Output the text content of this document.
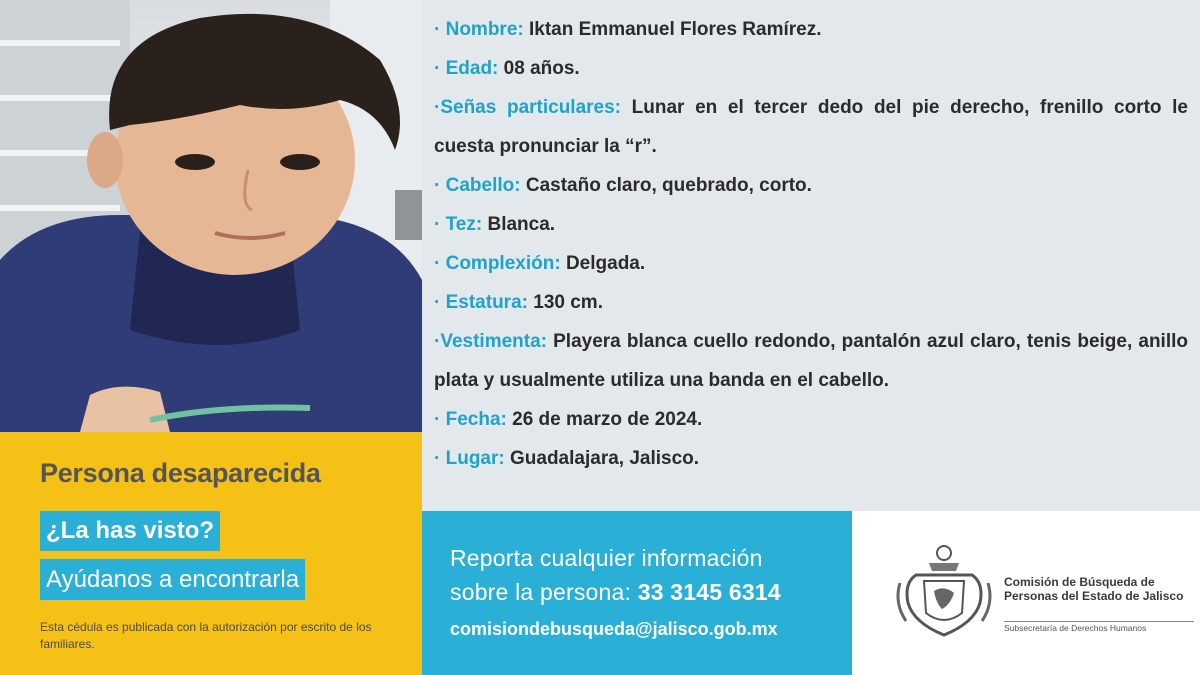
· Nombre: Iktan Emmanuel Flores Ramírez.
· Edad: 08 años.
·Señas particulares: Lunar en el tercer dedo del pie derecho, frenillo corto le cuesta pronunciar la “r”.
· Cabello: Castaño claro, quebrado, corto.
· Tez: Blanca.
· Complexión: Delgada.
· Estatura: 130 cm.
·Vestimenta: Playera blanca cuello redondo, pantalón azul claro, tenis beige, anillo plata y usualmente utiliza una banda en el cabello.
· Fecha: 26 de marzo de 2024.
· Lugar: Guadalajara, Jalisco.
Persona desaparecida
¿La has visto?
Ayúdanos a encontrarla
Esta cédula es publicada con la autorización por escrito de los familiares.
Reporta cualquier información
sobre la persona: 33 3145 6314
comisiondebusqueda@jalisco.gob.mx
Comisión de Búsqueda de Personas del Estado de Jalisco
Subsecretaría de Derechos Humanos
